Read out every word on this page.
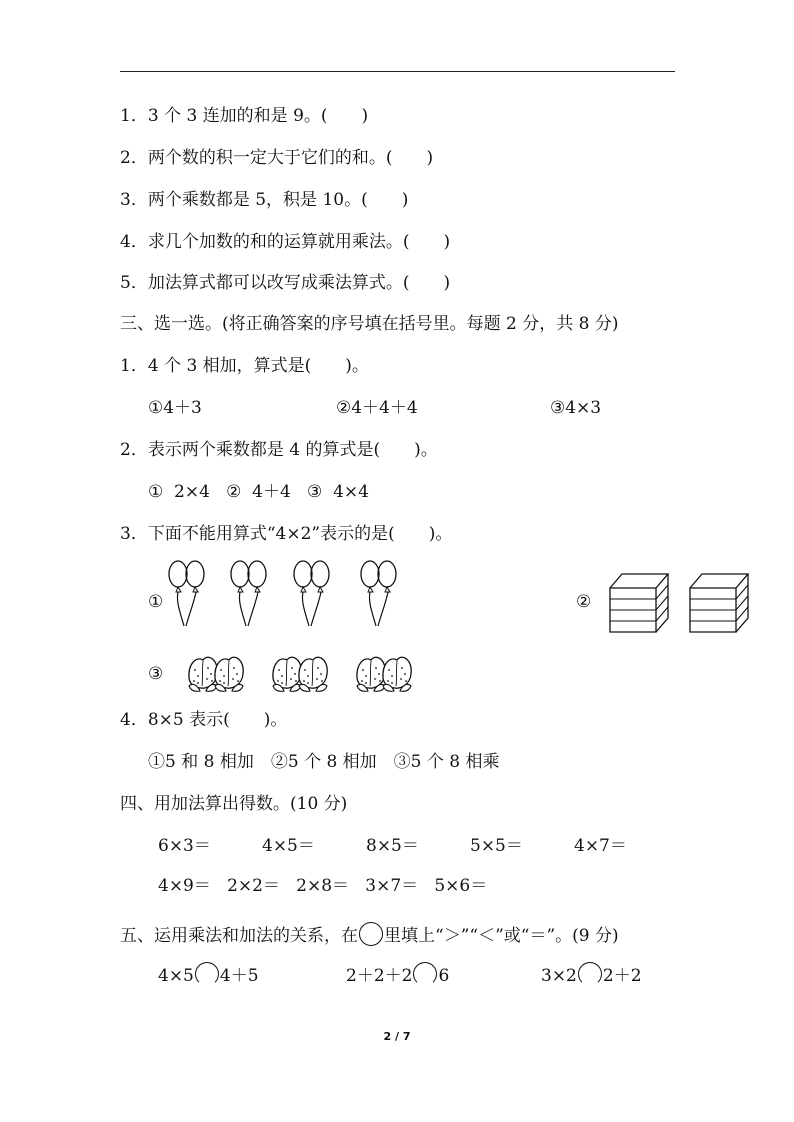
1．3 个 3 连加的和是 9。(　　)
2．两个数的积一定大于它们的和。(　　)
3．两个乘数都是 5，积是 10。(　　)
4．求几个加数的和的运算就用乘法。(　　)
5．加法算式都可以改写成乘法算式。(　　)
三、选一选。(将正确答案的序号填在括号里。每题 2 分，共 8 分)
1．4 个 3 相加，算式是(　　)。
①4＋3	②4＋4＋4	③4×3
2．表示两个乘数都是 4 的算式是(　　)。
①  2×4   ②  4＋4   ③  4×4
3．下面不能用算式“4×2”表示的是(　　)。
①	②
③
4．8×5 表示(　　)。
①5 和 8 相加　②5 个 8 相加　③5 个 8 相乘
四、用加法算出得数。(10 分)
6×3＝	4×5＝	8×5＝	5×5＝	4×7＝
4×9＝   2×2＝   2×8＝   3×7＝   5×6＝
五、运用乘法和加法的关系，在 里填上“＞”“＜”或“＝”。(9 分)
4×5 4＋5	2＋2＋2 6	3×2 2＋2
2 / 7
